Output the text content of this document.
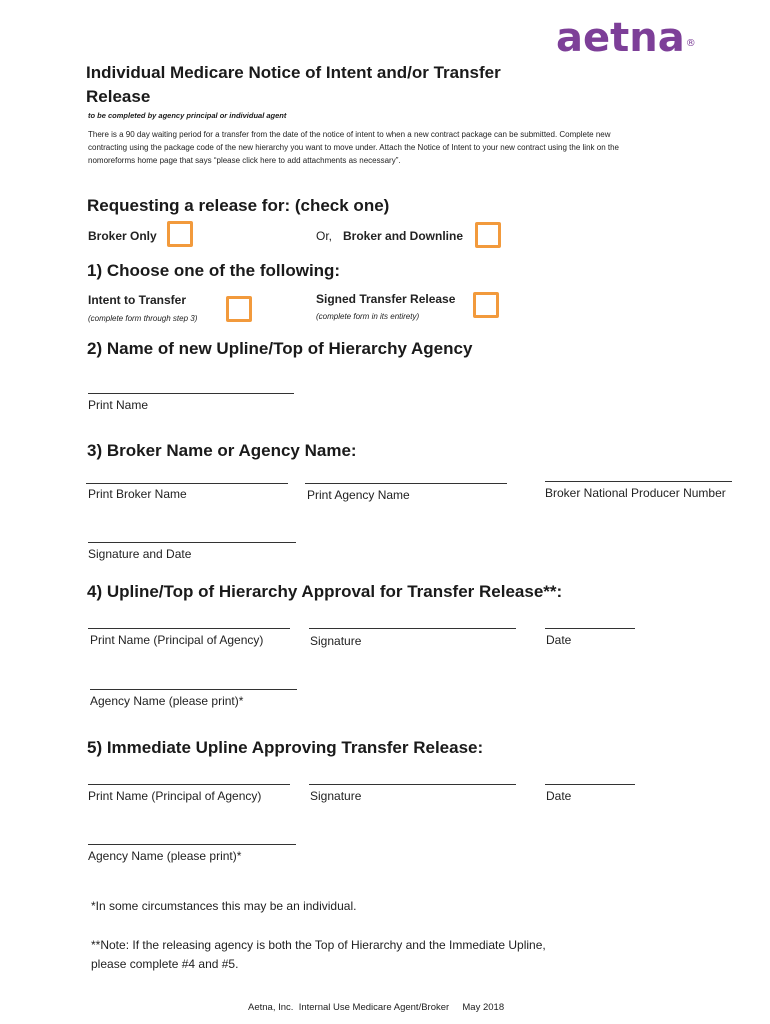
aetna®
Individual Medicare Notice of Intent and/or Transfer Release
to be completed by agency principal or individual agent
There is a 90 day waiting period for a transfer from the date of the notice of intent to when a new contract package can be submitted. Complete new contracting using the package code of the new hierarchy you want to move under. Attach the Notice of Intent to your new contract using the link on the nomoreforms home page that says “please click here to add attachments as necessary”.
Requesting a release for: (check one)
Broker Only	Or, Broker and Downline
1) Choose one of the following:
Intent to Transfer
(complete form through step 3)
Signed Transfer Release
(complete form in its entirety)
2) Name of new Upline/Top of Hierarchy Agency
Print Name
3) Broker Name or Agency Name:
Print Broker Name	Print Agency Name	Broker National Producer Number
Signature and Date
4) Upline/Top of Hierarchy Approval for Transfer Release**:
Print Name (Principal of Agency)	Signature	Date
Agency Name (please print)*
5) Immediate Upline Approving Transfer Release:
Print Name (Principal of Agency)	Signature	Date
Agency Name (please print)*
*In some circumstances this may be an individual.
**Note: If the releasing agency is both the Top of Hierarchy and the Immediate Upline,
please complete #4 and #5.
Aetna, Inc.  Internal Use Medicare Agent/Broker     May 2018
